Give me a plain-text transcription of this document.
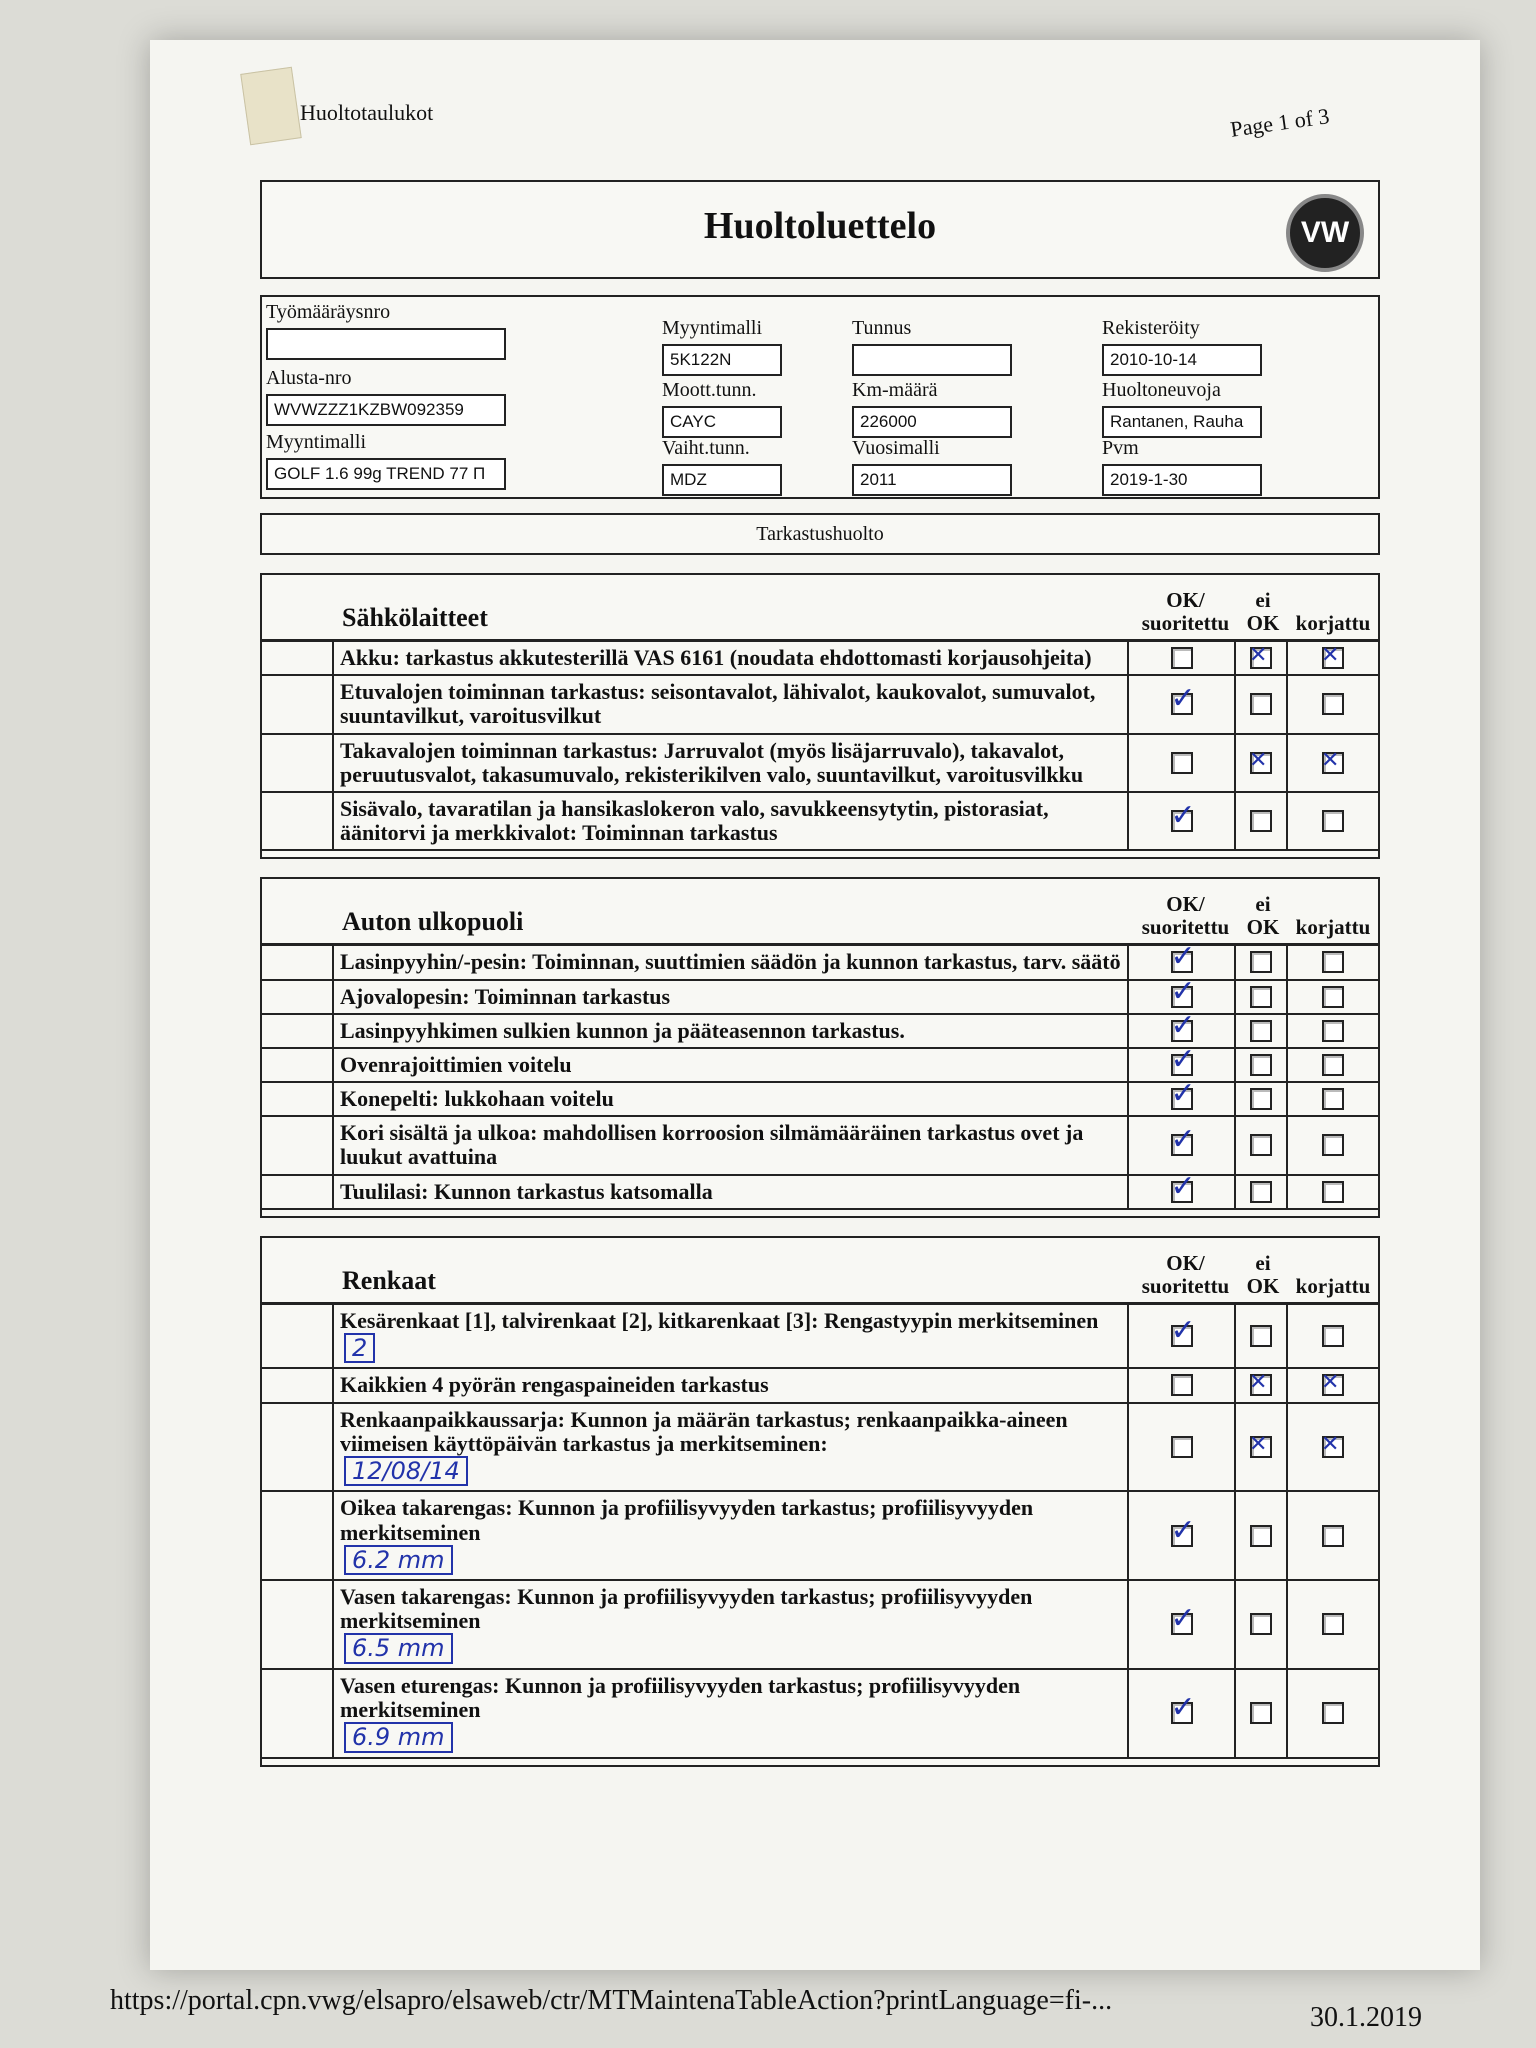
Huoltotaulukot	Page 1 of 3
Huoltoluettelo	VW
Työmääräysnro
Alusta-nro
WVWZZZ1KZBW092359
Myyntimalli
GOLF 1.6 99g TREND 77 П
Myyntimalli
5K122N
Moott.tunn.
CAYC
Vaiht.tunn.
MDZ
Tunnus
Km-määrä
226000
Vuosimalli
2011
Rekisteröity
2010-10-14
Huoltoneuvoja
Rantanen, Rauha
Pvm
2019-1-30
Tarkastushuolto
Sähkölaitteet
OK/ suoritettu
ei OK korjattu
Akku: tarkastus akkutesterillä VAS 6161 (noudata ehdottomasti korjausohjeita)
✕
✕
Etuvalojen toiminnan tarkastus: seisontavalot, lähivalot, kaukovalot, sumuvalot, suuntavilkut, varoitusvilkut
✓
Takavalojen toiminnan tarkastus: Jarruvalot (myös lisäjarruvalo), takavalot, peruutusvalot, takasumuvalo, rekisterikilven valo, suuntavilkut, varoitusvilkku
✕
✕
Sisävalo, tavaratilan ja hansikaslokeron valo, savukkeensytytin, pistorasiat, äänitorvi ja merkkivalot: Toiminnan tarkastus
✓
Auton ulkopuoli
OK/ suoritettu
ei OK korjattu
Lasinpyyhin/-pesin: Toiminnan, suuttimien säädön ja kunnon tarkastus, tarv. säätö
✓
Ajovalopesin: Toiminnan tarkastus
✓
Lasinpyyhkimen sulkien kunnon ja pääteasennon tarkastus.
✓
Ovenrajoittimien voitelu
✓
Konepelti: lukkohaan voitelu
✓
Kori sisältä ja ulkoa: mahdollisen korroosion silmämääräinen tarkastus ovet ja luukut avattuina
✓
Tuulilasi: Kunnon tarkastus katsomalla
✓
Renkaat
OK/ suoritettu
ei OK korjattu
Kesärenkaat [1], talvirenkaat [2], kitkarenkaat [3]: Rengastyypin merkitseminen
2
✓
Kaikkien 4 pyörän rengaspaineiden tarkastus
✕
✕
Renkaanpaikkaussarja: Kunnon ja määrän tarkastus; renkaanpaikka-aineen viimeisen käyttöpäivän tarkastus ja merkitseminen:
12/08/14
✕
✕
Oikea takarengas: Kunnon ja profiilisyvyyden tarkastus; profiilisyvyyden merkitseminen
6.2 mm
✓
Vasen takarengas: Kunnon ja profiilisyvyyden tarkastus; profiilisyvyyden merkitseminen
6.5 mm
✓
Vasen eturengas: Kunnon ja profiilisyvyyden tarkastus; profiilisyvyyden merkitseminen
6.9 mm
✓
https://portal.cpn.vwg/elsapro/elsaweb/ctr/MTMaintenaTableAction?printLanguage=fi-...
30.1.2019
